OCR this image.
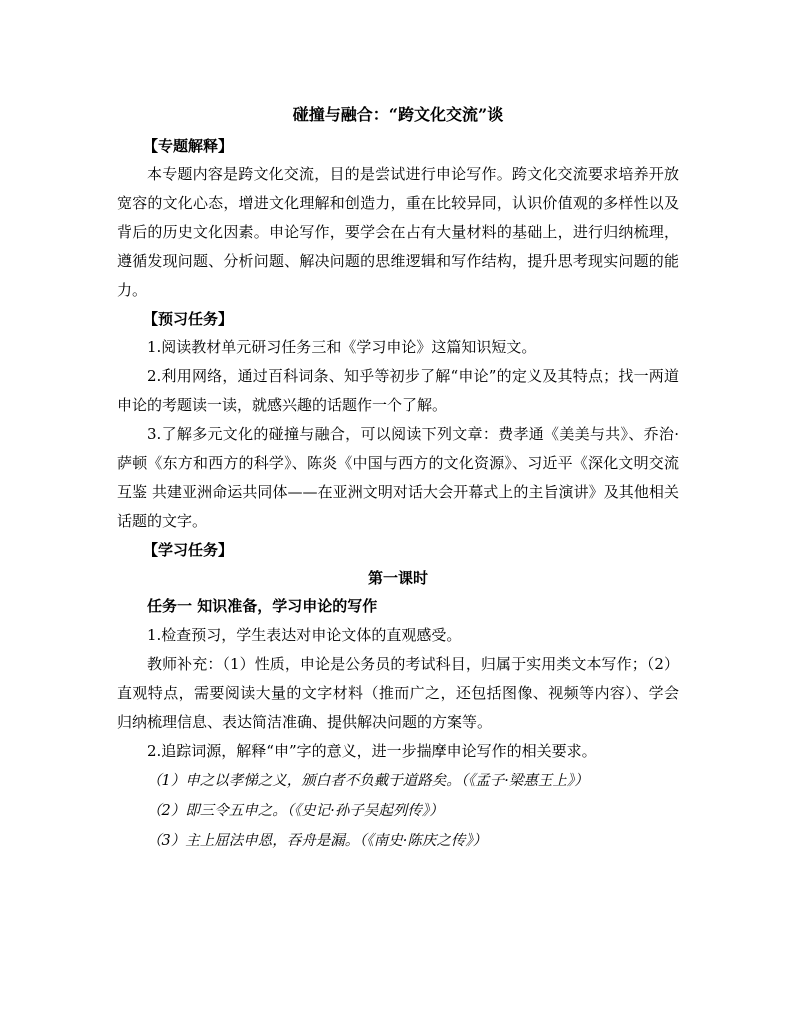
碰撞与融合：“跨文化交流”谈

【专题解释】

本专题内容是跨文化交流，目的是尝试进行申论写作。跨文化交流要求培养开放宽容的文化心态，增进文化理解和创造力，重在比较异同，认识价值观的多样性以及背后的历史文化因素。申论写作，要学会在占有大量材料的基础上，进行归纳梳理，遵循发现问题、分析问题、解决问题的思维逻辑和写作结构，提升思考现实问题的能力。

【预习任务】

1.阅读教材单元研习任务三和《学习申论》这篇知识短文。

2.利用网络，通过百科词条、知乎等初步了解“申论”的定义及其特点；找一两道申论的考题读一读，就感兴趣的话题作一个了解。

3.了解多元文化的碰撞与融合，可以阅读下列文章：费孝通《美美与共》、乔治·萨顿《东方和西方的科学》、陈炎《中国与西方的文化资源》、习近平《深化文明交流互鉴 共建亚洲命运共同体——在亚洲文明对话大会开幕式上的主旨演讲》及其他相关话题的文字。

【学习任务】

第一课时

任务一 知识准备，学习申论的写作

1.检查预习，学生表达对申论文体的直观感受。

教师补充：（1）性质，申论是公务员的考试科目，归属于实用类文本写作；（2）直观特点，需要阅读大量的文字材料（推而广之，还包括图像、视频等内容）、学会归纳梳理信息、表达简洁准确、提供解决问题的方案等。

2.追踪词源，解释“申”字的意义，进一步揣摩申论写作的相关要求。

（1）申之以孝悌之义，颁白者不负戴于道路矣。（《孟子·梁惠王上》）

（2）即三令五申之。（《史记·孙子吴起列传》）

（3）主上屈法申恩，吞舟是漏。（《南史·陈庆之传》）
